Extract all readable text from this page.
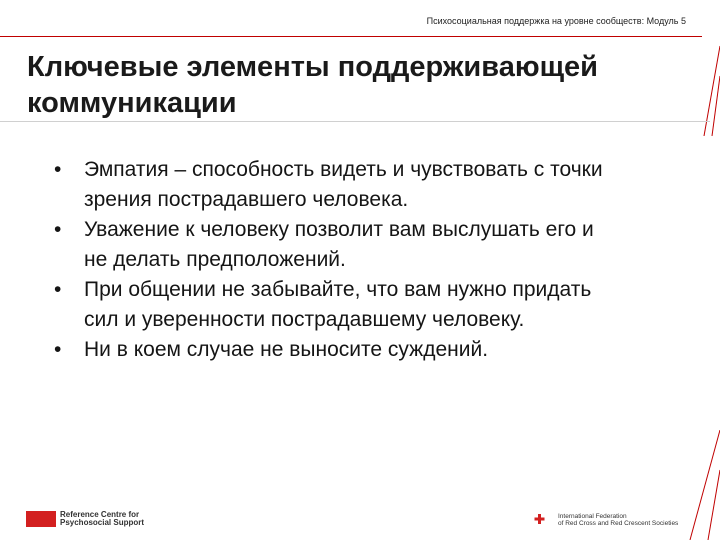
Психосоциальная поддержка на уровне сообществ: Модуль 5
Ключевые элементы поддерживающей коммуникации
• Эмпатия – способность видеть и чувствовать с точки зрения пострадавшего человека.
• Уважение к человеку позволит вам выслушать его и не делать предположений.
• При общении не забывайте, что вам нужно придать сил и уверенности пострадавшему человеку.
• Ни в коем случае не выносите суждений.
Reference Centre for
Psychosocial Support
International Federation
of Red Cross and Red Crescent Societies
